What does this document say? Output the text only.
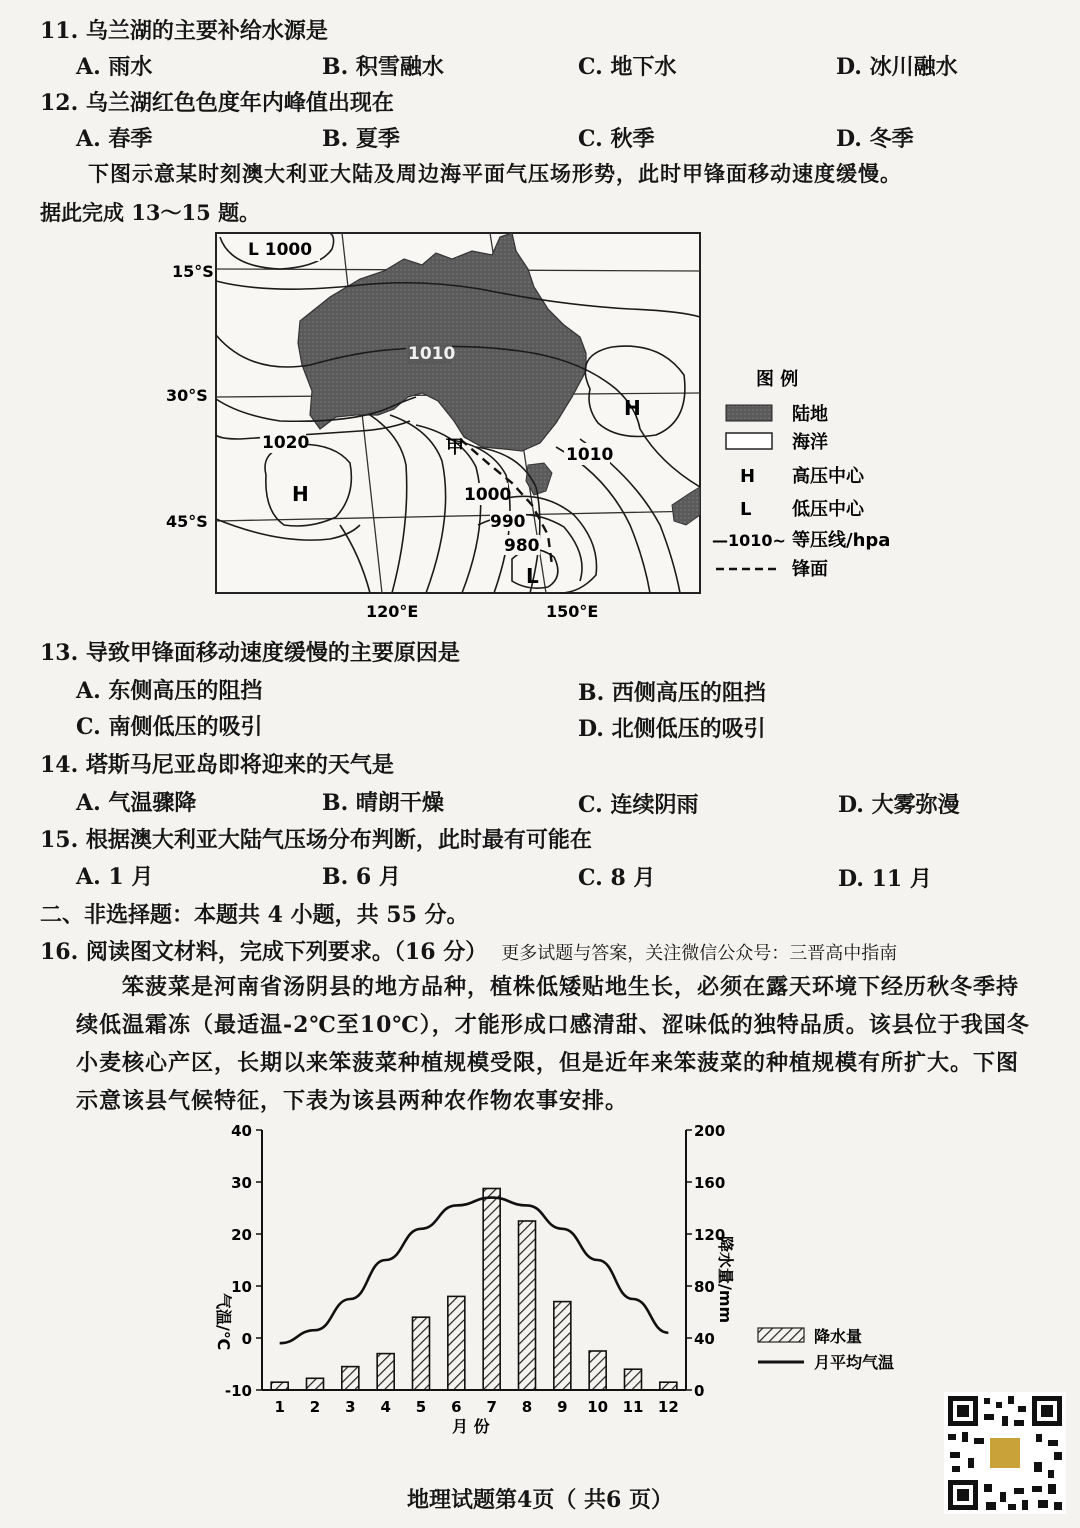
11. 乌兰湖的主要补给水源是
A. 雨水	B. 积雪融水	C. 地下水	D. 冰川融水
12. 乌兰湖红色色度年内峰值出现在
A. 春季	B. 夏季	C. 秋季	D. 冬季
下图示意某时刻澳大利亚大陆及周边海平面气压场形势，此时甲锋面移动速度缓慢。
据此完成 13～15 题。
15°S
30°S
45°S
120°E	150°E
L 1000
1010
1020
1010
1000
990
980
H
H
L
甲
图 例
陆地
海洋
H 高压中心
L 低压中心
—1010~ 等压线/hpa
锋面
13. 导致甲锋面移动速度缓慢的主要原因是
A. 东侧高压的阻挡	B. 西侧高压的阻挡
C. 南侧低压的吸引	D. 北侧低压的吸引
14. 塔斯马尼亚岛即将迎来的天气是
A. 气温骤降	B. 晴朗干燥	C. 连续阴雨	D. 大雾弥漫
15. 根据澳大利亚大陆气压场分布判断，此时最有可能在
A. 1 月	B. 6 月	C. 8 月	D. 11 月
二、非选择题：本题共 4 小题，共 55 分。
16. 阅读图文材料，完成下列要求。（16 分） 更多试题与答案，关注微信公众号：三晋高中指南
笨菠菜是河南省汤阴县的地方品种，植株低矮贴地生长，必须在露天环境下经历秋冬季持续低温霜冻（最适温-2℃至10℃），才能形成口感清甜、涩味低的独特品质。该县位于我国冬小麦核心产区，长期以来笨菠菜种植规模受限，但是近年来笨菠菜的种植规模有所扩大。下图示意该县气候特征，下表为该县两种农作物农事安排。
40
30
20
10
0
-10
200
160
120
80
40
0
1 2 3 4 5 6 7 8 9 10 11 12
气温/℃	降水量/mm
月 份
降水量
月平均气温
地理试题第4页（ 共6 页）
